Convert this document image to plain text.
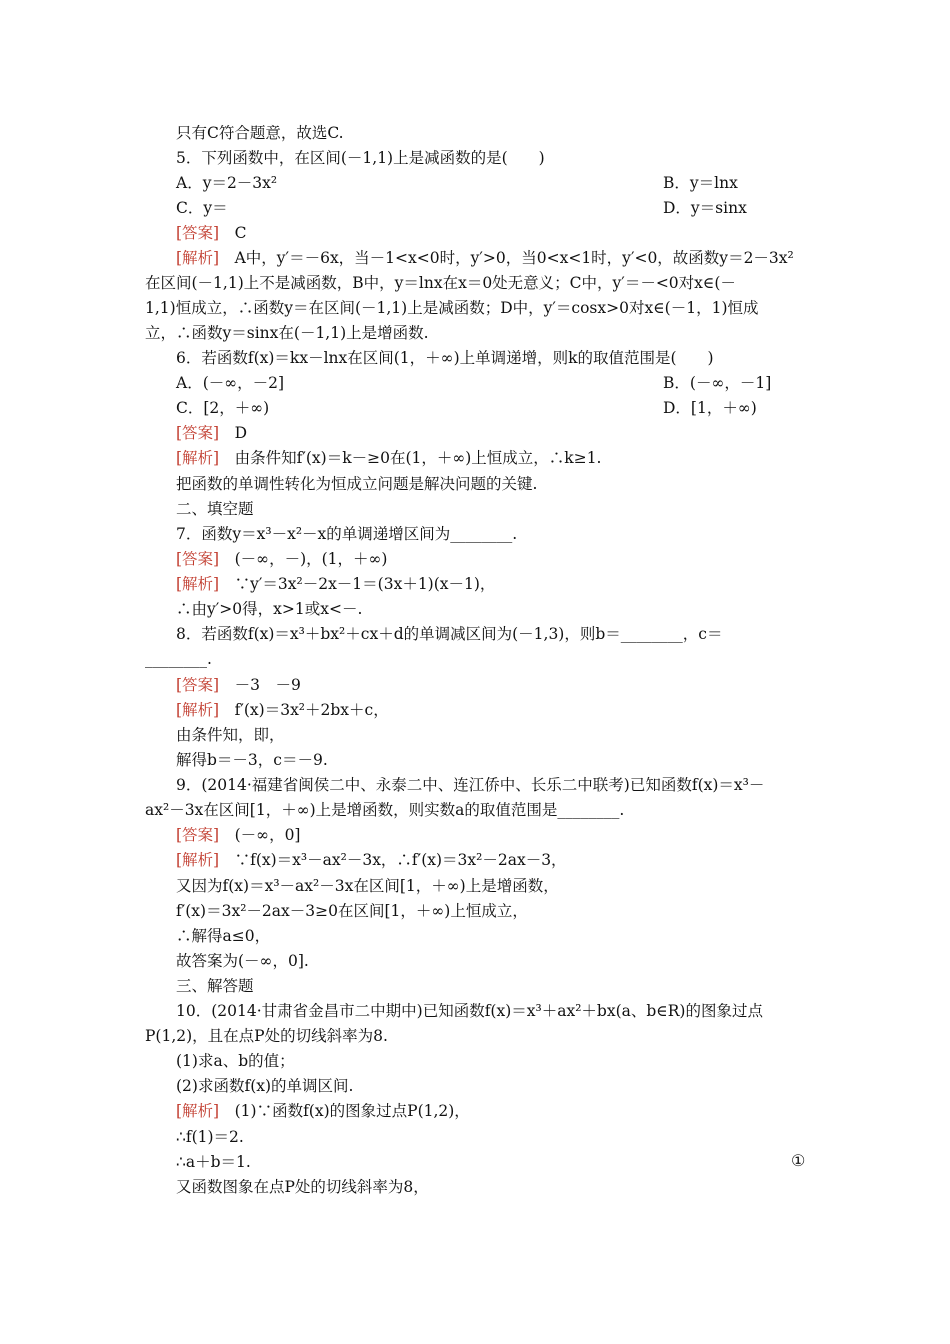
只有C符合题意，故选C.
5．下列函数中，在区间(－1,1)上是减函数的是(　　)
A．y＝2－3x²	B．y＝lnx
C．y＝	D．y＝sinx
[答案]　C
[解析]　A中，y′＝－6x，当－1<x<0时，y′>0，当0<x<1时，y′<0，故函数y＝2－3x²
在区间(－1,1)上不是减函数，B中，y＝lnx在x＝0处无意义；C中，y′＝－<0对x∈(－
1,1)恒成立，∴函数y＝在区间(－1,1)上是减函数；D中，y′＝cosx>0对x∈(－1，1)恒成
立，∴函数y＝sinx在(－1,1)上是增函数.
6．若函数f(x)＝kx－lnx在区间(1，＋∞)上单调递增，则k的取值范围是(　　)
A．(－∞，－2]	B．(－∞，－1]
C．[2，＋∞)	D．[1，＋∞)
[答案]　D
[解析]　由条件知f′(x)＝k－≥0在(1，＋∞)上恒成立，∴k≥1.
把函数的单调性转化为恒成立问题是解决问题的关键.
二、填空题
7．函数y＝x³－x²－x的单调递增区间为________.
[答案]　(－∞，－)，(1，＋∞)
[解析]　∵y′＝3x²－2x－1＝(3x＋1)(x－1)，
∴由y′>0得，x>1或x<－.
8．若函数f(x)＝x³＋bx²＋cx＋d的单调减区间为(－1,3)，则b＝________，c＝
________.
[答案]　－3　－9
[解析]　f′(x)＝3x²＋2bx＋c，
由条件知，即，
解得b＝－3，c＝－9.
9．(2014·福建省闽侯二中、永泰二中、连江侨中、长乐二中联考)已知函数f(x)＝x³－
ax²－3x在区间[1，＋∞)上是增函数，则实数a的取值范围是________.
[答案]　(－∞，0]
[解析]　∵f(x)＝x³－ax²－3x，∴f′(x)＝3x²－2ax－3，
又因为f(x)＝x³－ax²－3x在区间[1，＋∞)上是增函数，
f′(x)＝3x²－2ax－3≥0在区间[1，＋∞)上恒成立，
∴解得a≤0，
故答案为(－∞，0].
三、解答题
10．(2014·甘肃省金昌市二中期中)已知函数f(x)＝x³＋ax²＋bx(a、b∈R)的图象过点
P(1,2)，且在点P处的切线斜率为8.
(1)求a、b的值；
(2)求函数f(x)的单调区间.
[解析]　(1)∵函数f(x)的图象过点P(1,2)，
∴f(1)＝2.
∴a＋b＝1.
又函数图象在点P处的切线斜率为8，
①
